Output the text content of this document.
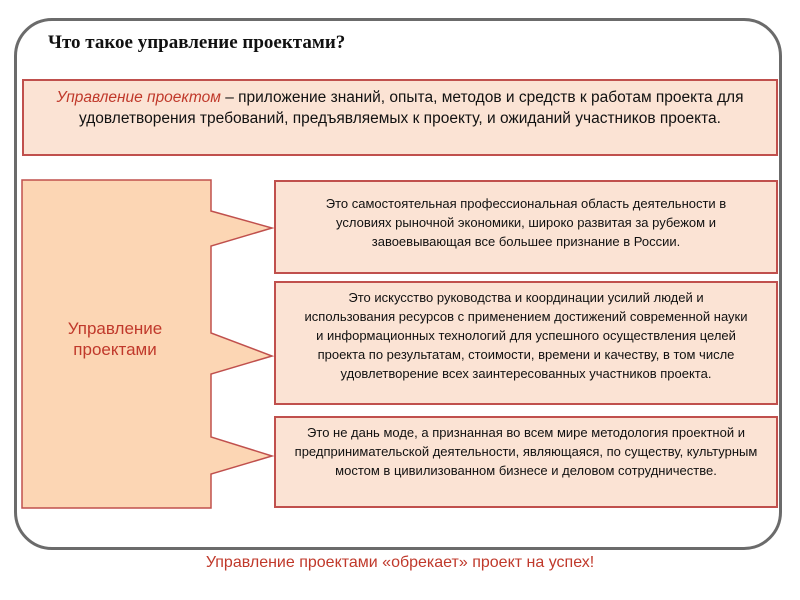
Что такое управление проектами?
Управление проектом – приложение знаний, опыта, методов и средств к работам проекта для удовлетворения требований, предъявляемых к проекту, и ожиданий участников проекта.
Управление проектами
Это самостоятельная профессиональная область деятельности в условиях рыночной экономики, широко развитая за рубежом и завоевывающая все большее признание в России.
Это искусство руководства и координации усилий людей и использования ресурсов с применением достижений современной науки и информационных технологий для успешного осуществления целей проекта по результатам, стоимости, времени и качеству, в том числе удовлетворение всех заинтересованных участников проекта.
Это не дань моде, а признанная во всем мире методология проектной и предпринимательской деятельности, являющаяся, по существу, культурным мостом в цивилизованном бизнесе и деловом сотрудничестве.
Управление проектами «обрекает» проект на успех!
